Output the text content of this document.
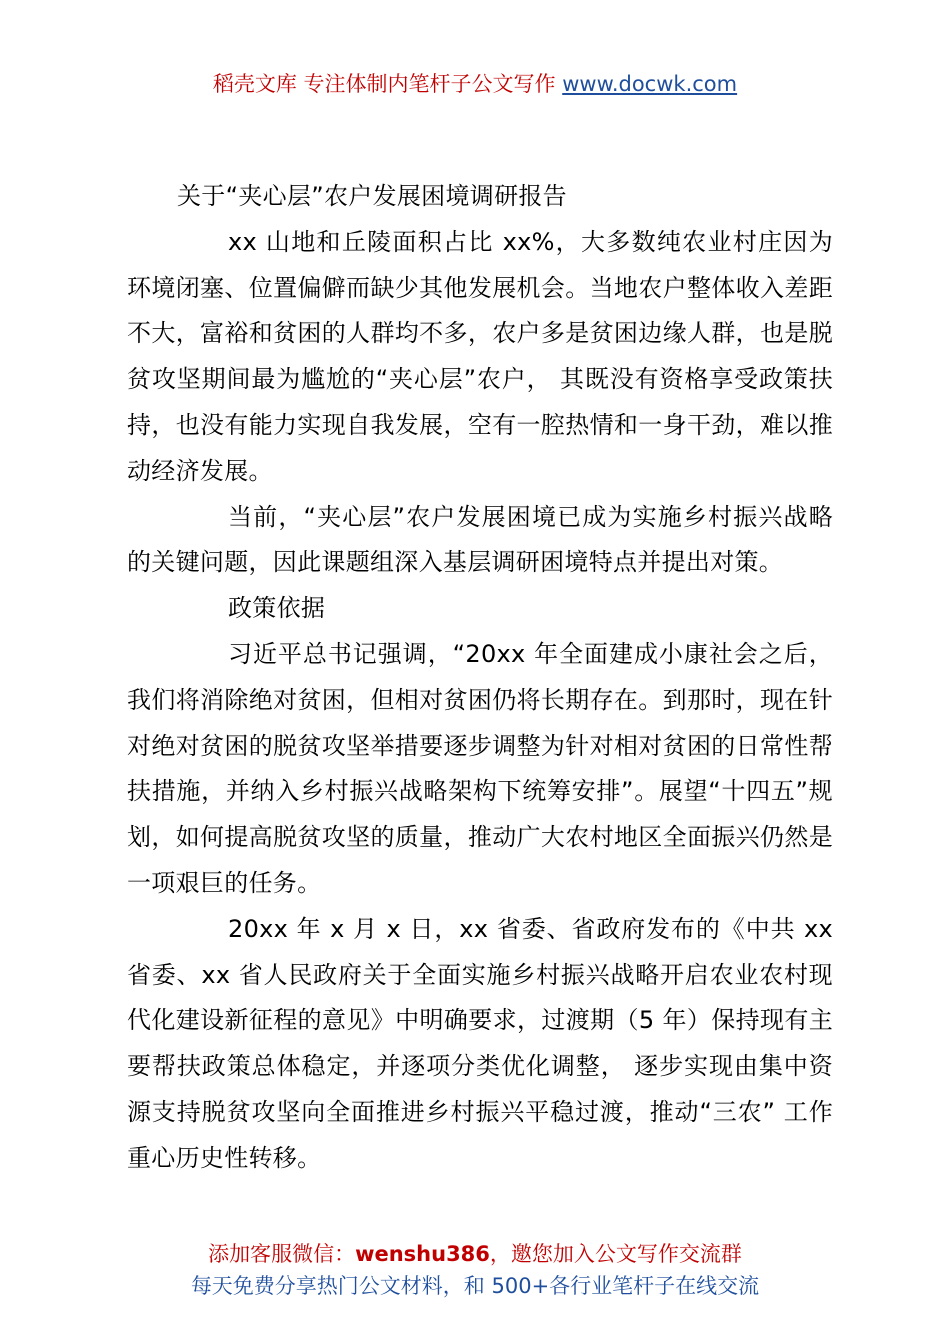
稻壳文库 专注体制内笔杆子公文写作 www.docwk.com

关于“夹心层”农户发展困境调研报告

xx 山地和丘陵面积占比 xx%，大多数纯农业村庄因为环境闭塞、位置偏僻而缺少其他发展机会。当地农户整体收入差距不大，富裕和贫困的人群均不多，农户多是贫困边缘人群，也是脱贫攻坚期间最为尴尬的“夹心层”农户， 其既没有资格享受政策扶持，也没有能力实现自我发展，空有一腔热情和一身干劲，难以推动经济发展。

当前，“夹心层”农户发展困境已成为实施乡村振兴战略的关键问题，因此课题组深入基层调研困境特点并提出对策。

政策依据

习近平总书记强调，“20xx 年全面建成小康社会之后，我们将消除绝对贫困，但相对贫困仍将长期存在。到那时，现在针对绝对贫困的脱贫攻坚举措要逐步调整为针对相对贫困的日常性帮扶措施，并纳入乡村振兴战略架构下统筹安排”。展望“十四五”规划，如何提高脱贫攻坚的质量，推动广大农村地区全面振兴仍然是一项艰巨的任务。

20xx 年 x 月 x 日，xx 省委、省政府发布的《中共 xx 省委、xx 省人民政府关于全面实施乡村振兴战略开启农业农村现代化建设新征程的意见》中明确要求，过渡期（5 年）保持现有主要帮扶政策总体稳定，并逐项分类优化调整， 逐步实现由集中资源支持脱贫攻坚向全面推进乡村振兴平稳过渡，推动“三农” 工作重心历史性转移。

添加客服微信：wenshu386，邀您加入公文写作交流群
每天免费分享热门公文材料，和 500+各行业笔杆子在线交流
